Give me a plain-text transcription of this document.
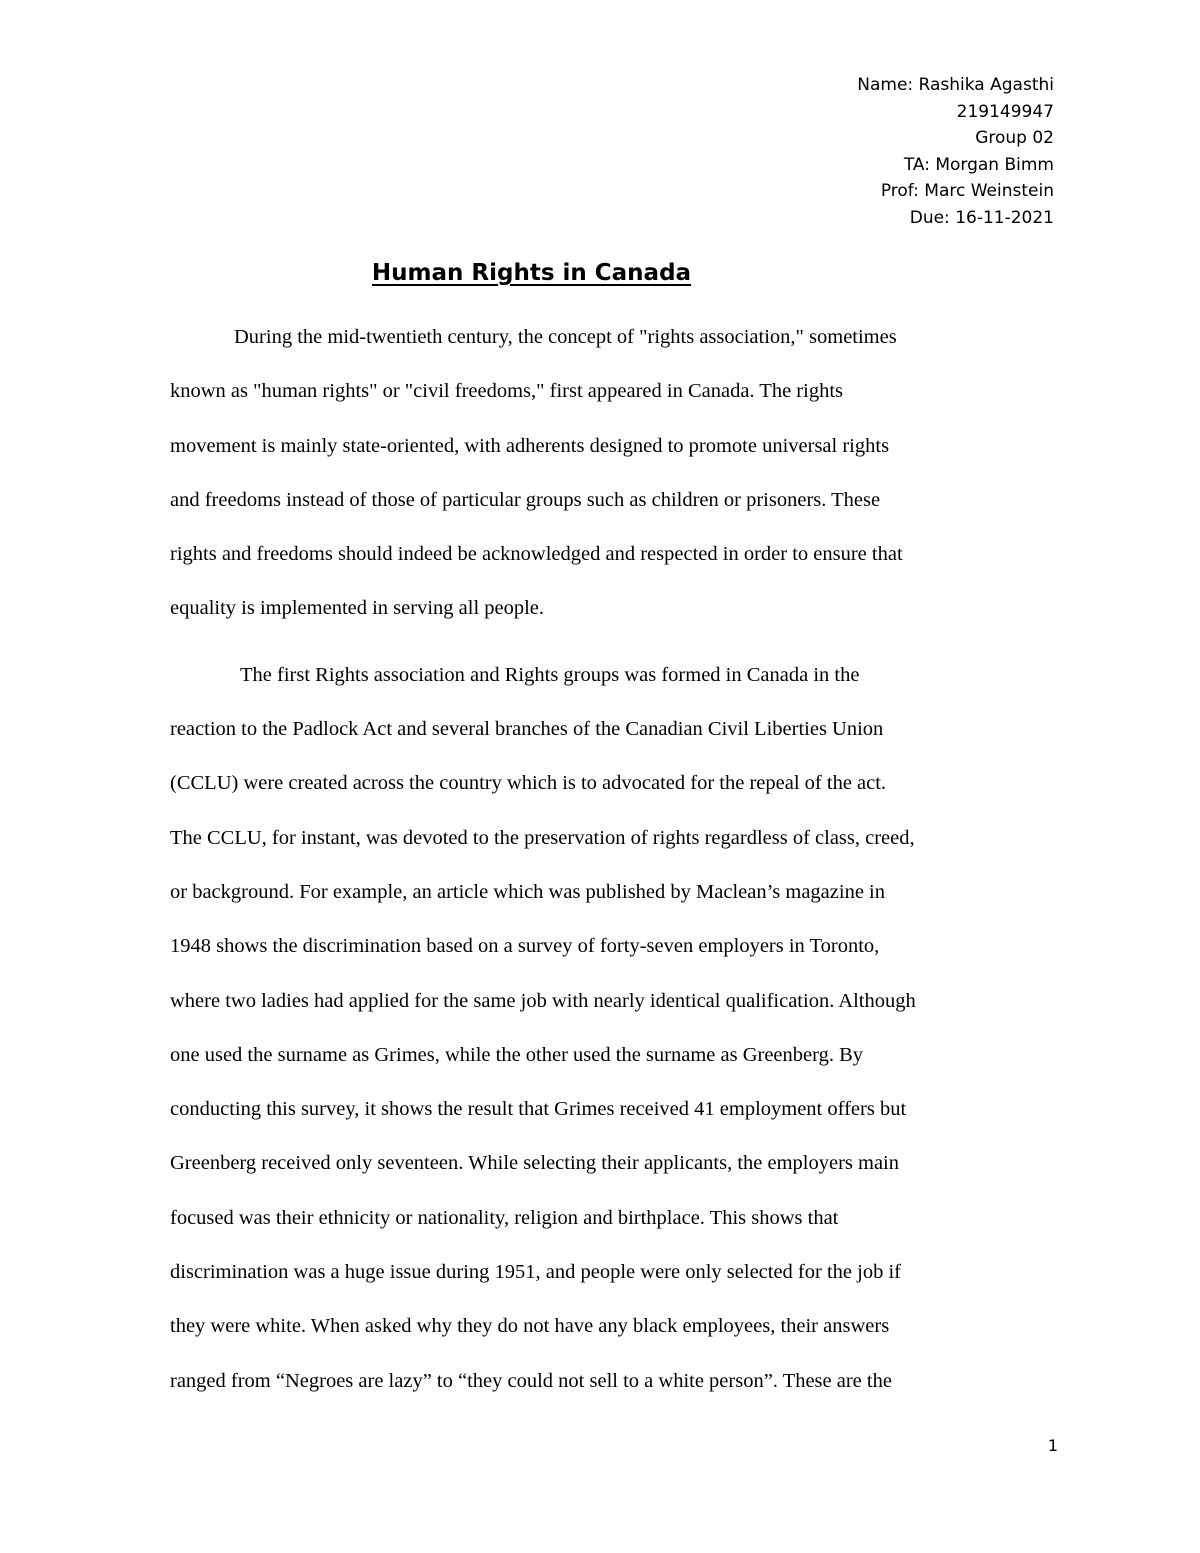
Name: Rashika Agasthi
219149947
Group 02
TA: Morgan Bimm
Prof: Marc Weinstein
Due: 16-11-2021
Human Rights in Canada

During the mid-twentieth century, the concept of "rights association," sometimes
known as "human rights" or "civil freedoms," first appeared in Canada. The rights
movement is mainly state-oriented, with adherents designed to promote universal rights
and freedoms instead of those of particular groups such as children or prisoners. These
rights and freedoms should indeed be acknowledged and respected in order to ensure that
equality is implemented in serving all people.

The first Rights association and Rights groups was formed in Canada in the
reaction to the Padlock Act and several branches of the Canadian Civil Liberties Union
(CCLU) were created across the country which is to advocated for the repeal of the act.
The CCLU, for instant, was devoted to the preservation of rights regardless of class, creed,
or background. For example, an article which was published by Maclean’s magazine in
1948 shows the discrimination based on a survey of forty-seven employers in Toronto,
where two ladies had applied for the same job with nearly identical qualification. Although
one used the surname as Grimes, while the other used the surname as Greenberg. By
conducting this survey, it shows the result that Grimes received 41 employment offers but
Greenberg received only seventeen. While selecting their applicants, the employers main
focused was their ethnicity or nationality, religion and birthplace. This shows that
discrimination was a huge issue during 1951, and people were only selected for the job if
they were white. When asked why they do not have any black employees, their answers
ranged from “Negroes are lazy” to “they could not sell to a white person”. These are the

1
